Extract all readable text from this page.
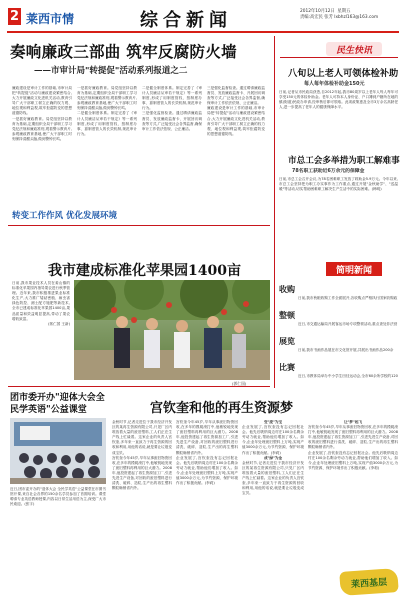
2 莱西市情	综合新闻	2012年10月12日 星期五
责编:高宏民 张芳 lxbhzl163@163.com
奏响廉政三部曲 筑牢反腐防火墙
——市审计局"转提促"活动系列报道之二

廉政建设是审计工作的基础,市审计局把"转提促"活动与廉政建设紧密结合,大力开展廉政文化进机关活动,教育引导广大干部职工树立正确的权力观、地位观和利益观,筑牢拒腐防变的思想道德防线。

一是抓好廉政教育。局党组坚持以教育为基础,定期组织全局干部职工学习党纪法规和廉政准则,观看警示教育片,参观廉政教育基地,使广大干部职工时刻保持清醒头脑,做到警钟长鸣。

一是抓好廉政教育。局党组坚持以教育为基础,定期组织全局干部职工学习党纪法规和廉政准则,观看警示教育片,参观廉政教育基地,使广大干部职工时刻保持清醒头脑,做到警钟长鸣。

二是健全制度体系。制定完善了《审计人员廉洁从审若干规定》等一系列制度,形成了用制度管权、按制度办事、靠制度管人的长效机制,规范审计行为。

二是健全制度体系。制定完善了《审计人员廉洁从审若干规定》等一系列制度,形成了用制度管权、按制度办事、靠制度管人的长效机制,规范审计行为。

三是强化监督检查。通过聘请廉政监督员、发放廉政监督卡、开展回访调查等方式,广泛接受社会各界监督,确保审计工作依法依规、公正廉洁。

三是强化监督检查。通过聘请廉政监督员、发放廉政监督卡、开展回访调查等方式,广泛接受社会各界监督,确保审计工作依法依规、公正廉洁。

廉政建设是审计工作的基础,市审计局把"转提促"活动与廉政建设紧密结合,大力开展廉政文化进机关活动,教育引导广大干部职工树立正确的权力观、地位观和利益观,筑牢拒腐防变的思想道德防线。

转变工作作风 优化发展环境
我市建成标准化苹果园1400亩

日前,我市果业技术人员在姜山镇的标准化苹果园内指导果农进行秋季管理。近年来,我市积极推进果业标准化生产,大力推广矮砧密植、病虫害绿色防控、测土配方施肥等新技术,全市已建成标准化苹果园1400亩,果品质量和效益明显提高,带动了果农增收致富。

(郭仁国 王新)

(郭仁国)
团市委开办"迎体大会全民学英语"公益课堂
近日,团市委开办的"迎体大会 全民学英语"公益课堂在市图书馆开课,来自社会各界的150余名学员参加了首期培训。课堂聘请专业英语教师授课,内容以日常生活用语为主,深受广大市民欢迎。(张宇)
宫钦奎和他的再生资源梦

金秋时节,记者走进位于我市经济开发区的某再生资源有限公司,只见厂区内堆放着大量的废旧塑料,工人们正在生产线上忙碌着。这家企业的负责人宫钦奎,多年来一直致力于再生资源的回收和利用,用他的话说,就是要让垃圾变成宝贝。

宫钦奎今年45岁,早年从事废旧物资回收,在多年的摸爬滚打中,他敏锐地发现了废旧塑料再利用的巨大潜力。2008年,他投资建起了再生资源加工厂,引进先进生产设备,对回收的废旧塑料进行清洗、破碎、造粒,生产出的再生塑料颗粒畅销省内外。

宫钦奎今年45岁,早年从事废旧物资回收,在多年的摸爬滚打中,他敏锐地发现了废旧塑料再利用的巨大潜力。2008年,他投资建起了再生资源加工厂,引进先进生产设备,对回收的废旧塑料进行清洗、破碎、造粒,生产出的再生塑料颗粒畅销省内外。

企业发展了,宫钦奎没有忘记回报社会。他先后吸纳周边村庄100余名剩余劳动力就业,帮助他们增加了收入。如今,企业年处理废旧塑料上万吨,实现产值3000余万元,为节约资源、保护环境作出了积极贡献。(李莉)

变"废"为宝

企业发展了,宫钦奎没有忘记回报社会。他先后吸纳周边村庄100余名剩余劳动力就业,帮助他们增加了收入。如今,企业年处理废旧塑料上万吨,实现产值3000余万元,为节约资源、保护环境作出了积极贡献。(李莉)

成"绿"为金

金秋时节,记者走进位于我市经济开发区的某再生资源有限公司,只见厂区内堆放着大量的废旧塑料,工人们正在生产线上忙碌着。这家企业的负责人宫钦奎,多年来一直致力于再生资源的回收和利用,用他的话说,就是要让垃圾变成宝贝。

让"梦"起飞

宫钦奎今年45岁,早年从事废旧物资回收,在多年的摸爬滚打中,他敏锐地发现了废旧塑料再利用的巨大潜力。2008年,他投资建起了再生资源加工厂,引进先进生产设备,对回收的废旧塑料进行清洗、破碎、造粒,生产出的再生塑料颗粒畅销省内外。

企业发展了,宫钦奎没有忘记回报社会。他先后吸纳周边村庄100余名剩余劳动力就业,帮助他们增加了收入。如今,企业年处理废旧塑料上万吨,实现产值3000余万元,为节约资源、保护环境作出了积极贡献。(李莉)

莱西基层
民生快讯
八旬以上老人可领体检补助
每人每年体检补助金150元
日前,记者从市民政局获悉,自2012年起,我市80周岁以上老年人每人每年可享受150元的体检补助金。老年人可持本人身份证、户口簿到户籍所在地的镇(街道)民政办申请,经审核后即可领取。此项政策惠及全市3万余名高龄老人,进一步提高了老年人的健康保障水平。
市总工会多举措为职工解难事
78名职工获助近6万余元的保障金
日前,市总工会召开会议,为78名困难职工发放了救助金5.9万元。今年以来,市总工会坚持把为职工办实事作为工作重点,通过开展"金秋助学"、"送温暖"等活动,切实帮助困难职工解决生产生活中的实际困难。(韩明)
简明新闻
收购
日前,我市秋粮收购工作全面展开,各收购点严格执行国家收购政
整顿
近日,市交通运输局开展客运市场专项整顿活动,重点查处非法营
展览
日前,我市书画作品展在市文化馆开展,共展出书画作品200余
比赛
近日,市教体局举办中小学生田径运动会,全市60余所学校的120
